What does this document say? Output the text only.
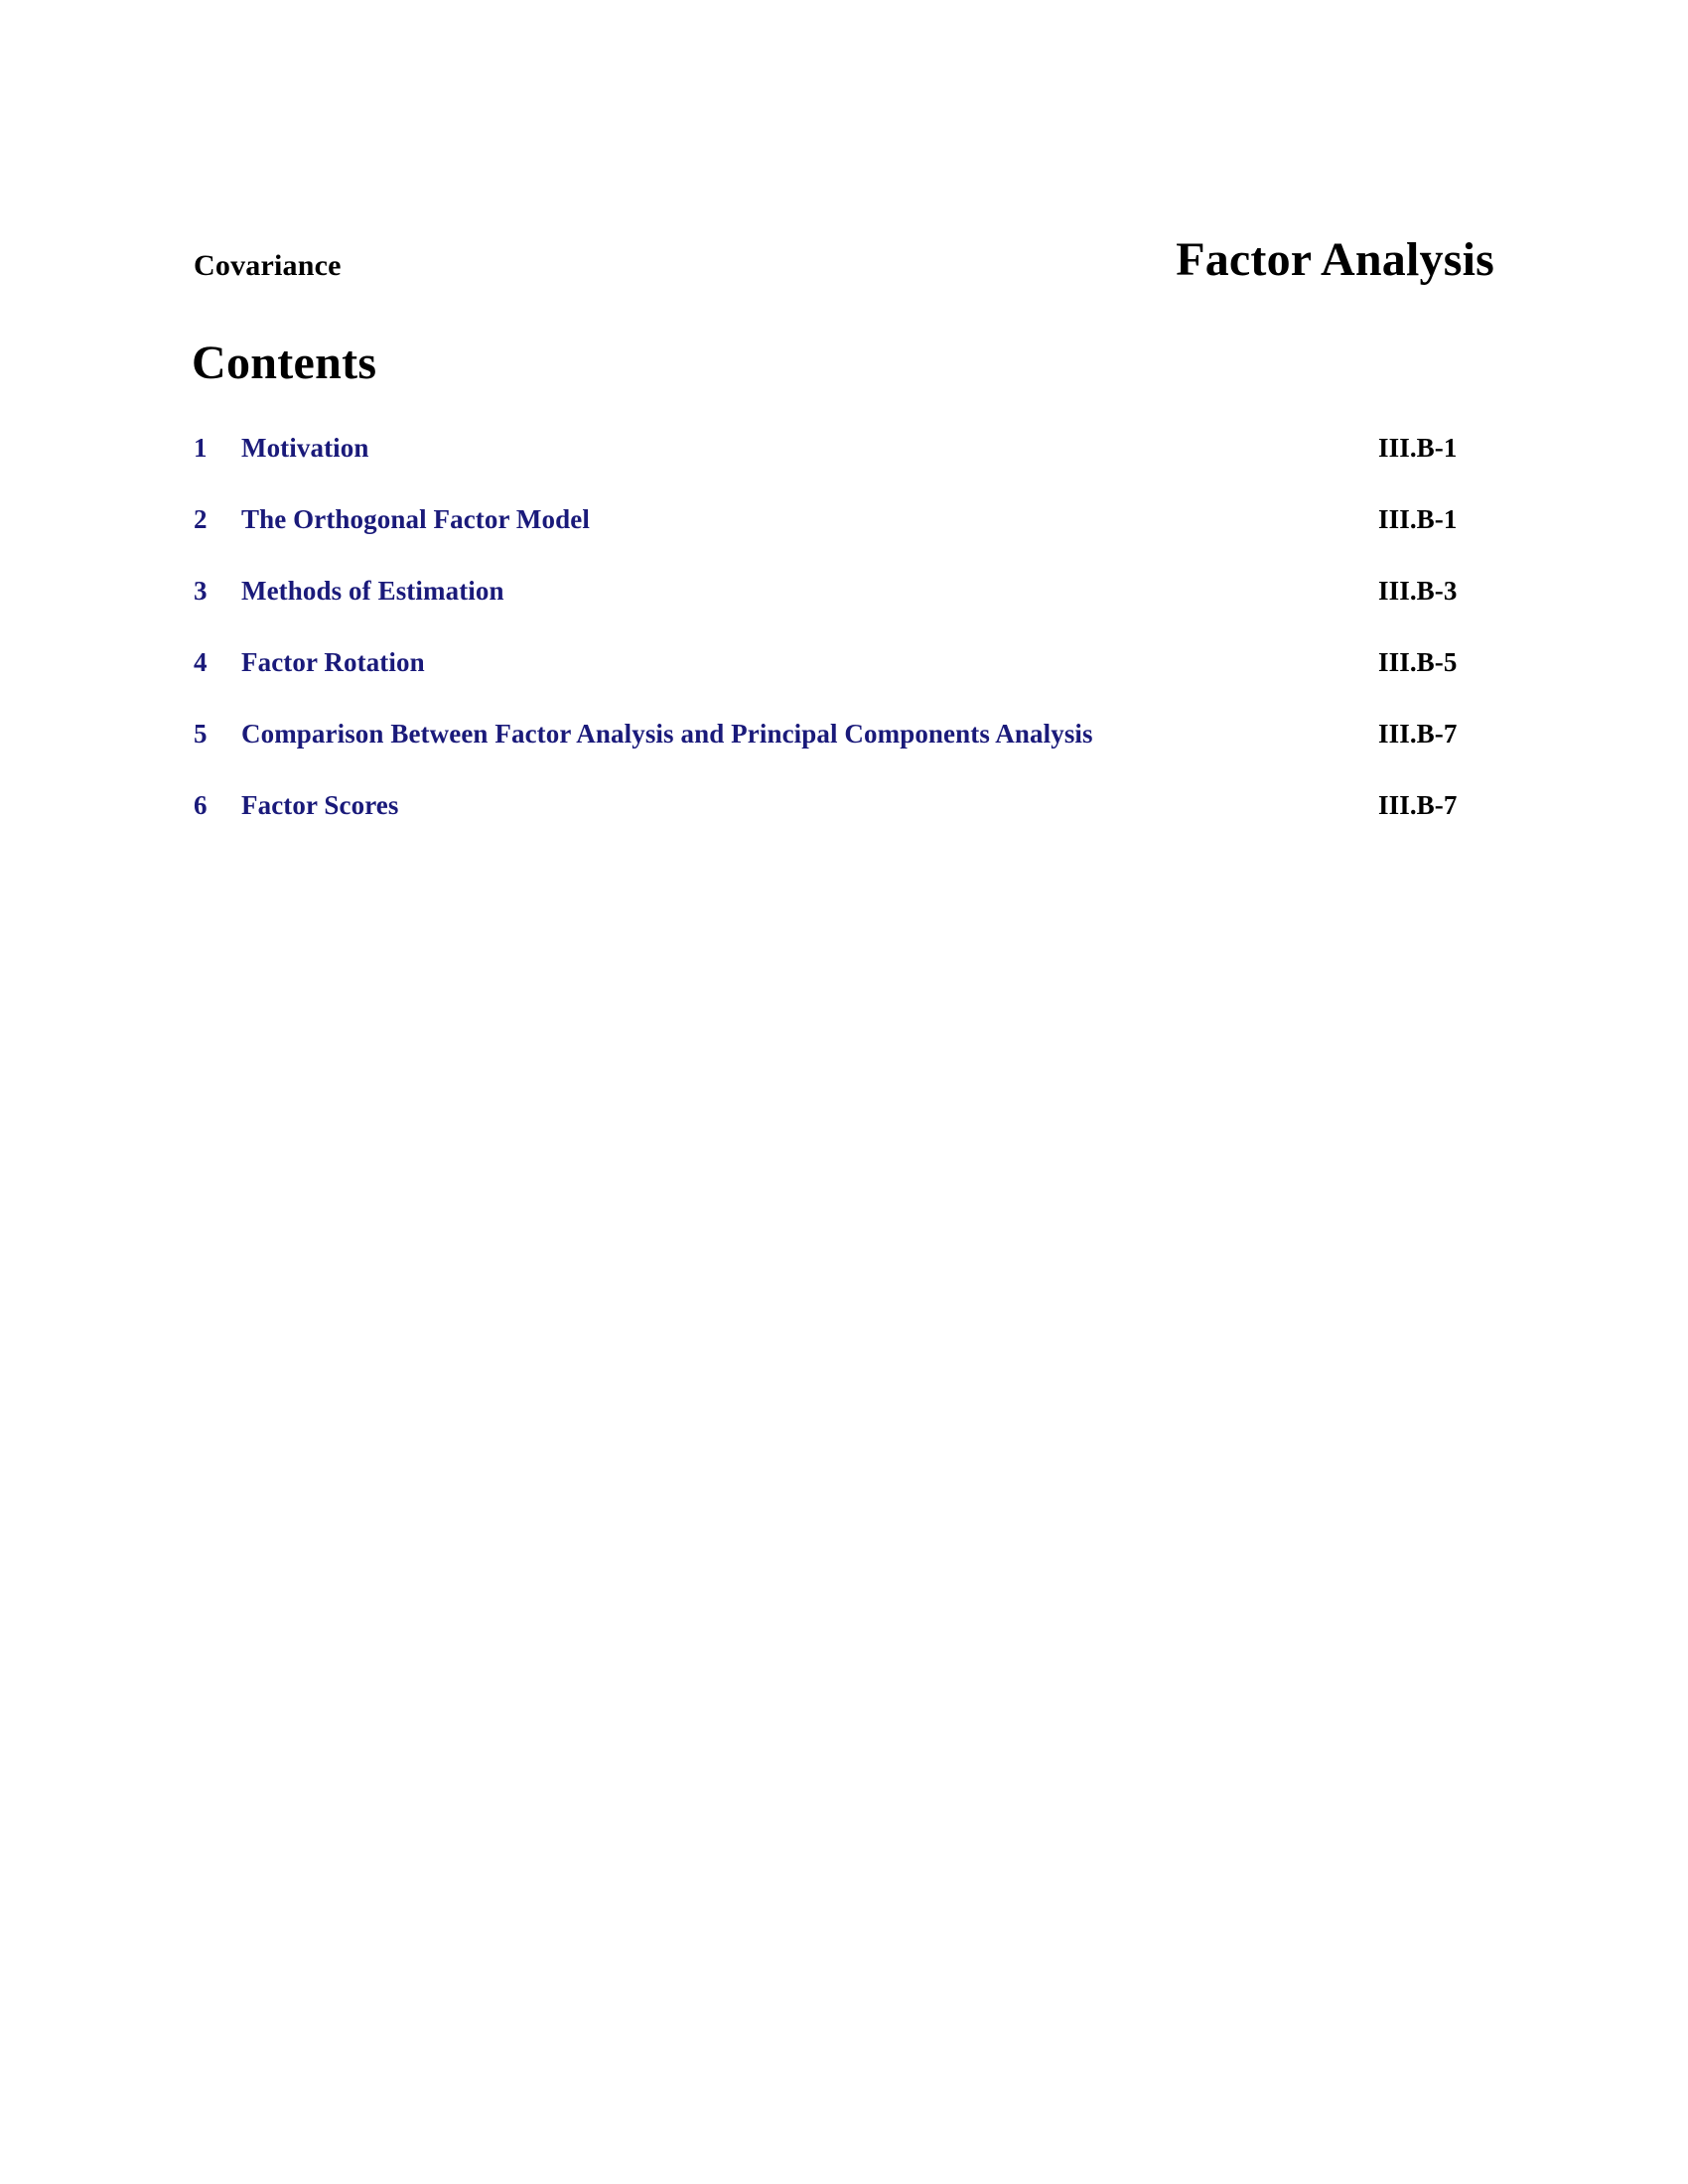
Covariance	Factor Analysis
Contents
1	Motivation	III.B-1
2	The Orthogonal Factor Model	III.B-1
3	Methods of Estimation	III.B-3
4	Factor Rotation	III.B-5
5	Comparison Between Factor Analysis and Principal Components Analysis	III.B-7
6	Factor Scores	III.B-7
